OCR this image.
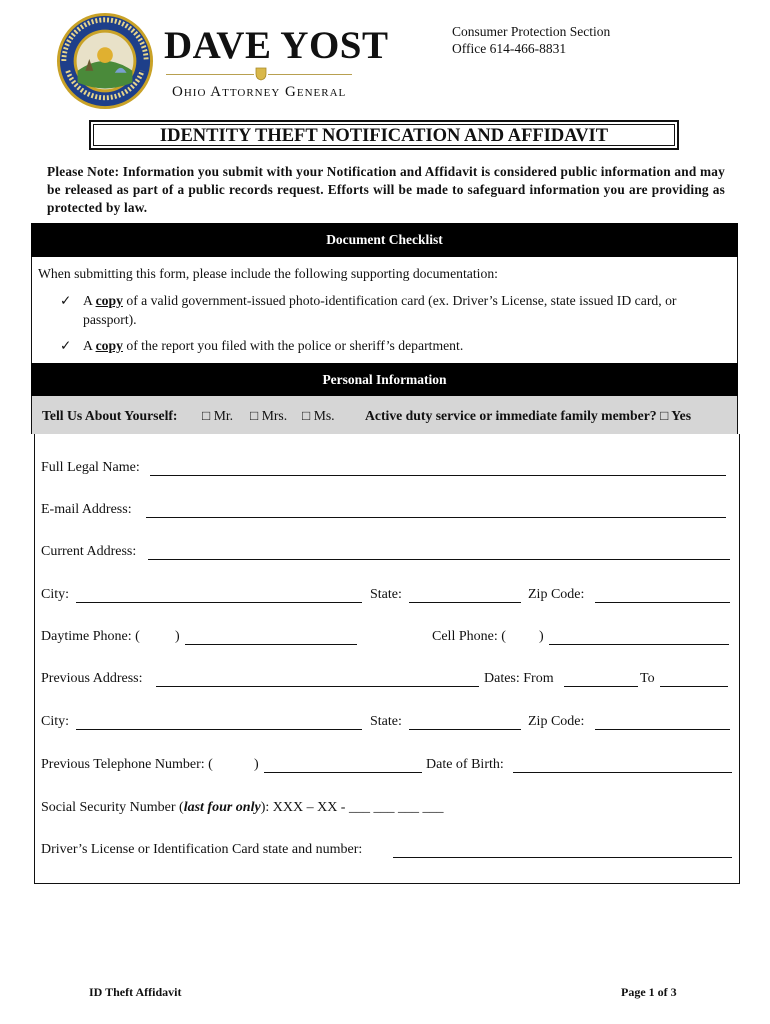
DAVE YOST
Ohio Attorney General
Consumer Protection Section
Office 614-466-8831
IDENTITY THEFT NOTIFICATION AND AFFIDAVIT
Please Note: Information you submit with your Notification and Affidavit is considered public information and may be released as part of a public records request. Efforts will be made to safeguard information you are providing as protected by law.
Document Checklist
When submitting this form, please include the following supporting documentation:
✓ A copy of a valid government-issued photo-identification card (ex. Driver’s License, state issued ID card, or passport).
✓ A copy of the report you filed with the police or sheriff’s department.
Personal Information
Tell Us About Yourself: □ Mr. □ Mrs. □ Ms. Active duty service or immediate family member? □ Yes
Full Legal Name:
E-mail Address:
Current Address:
City:	State:	Zip Code:
Daytime Phone: (	)	Cell Phone: ( )
Previous Address:	Dates: From	To
City:	State:	Zip Code:
Previous Telephone Number: (	)	Date of Birth:
Social Security Number (last four only): XXX – XX - ___ ___ ___ ___
Driver’s License or Identification Card state and number:
ID Theft Affidavit	Page 1 of 3
